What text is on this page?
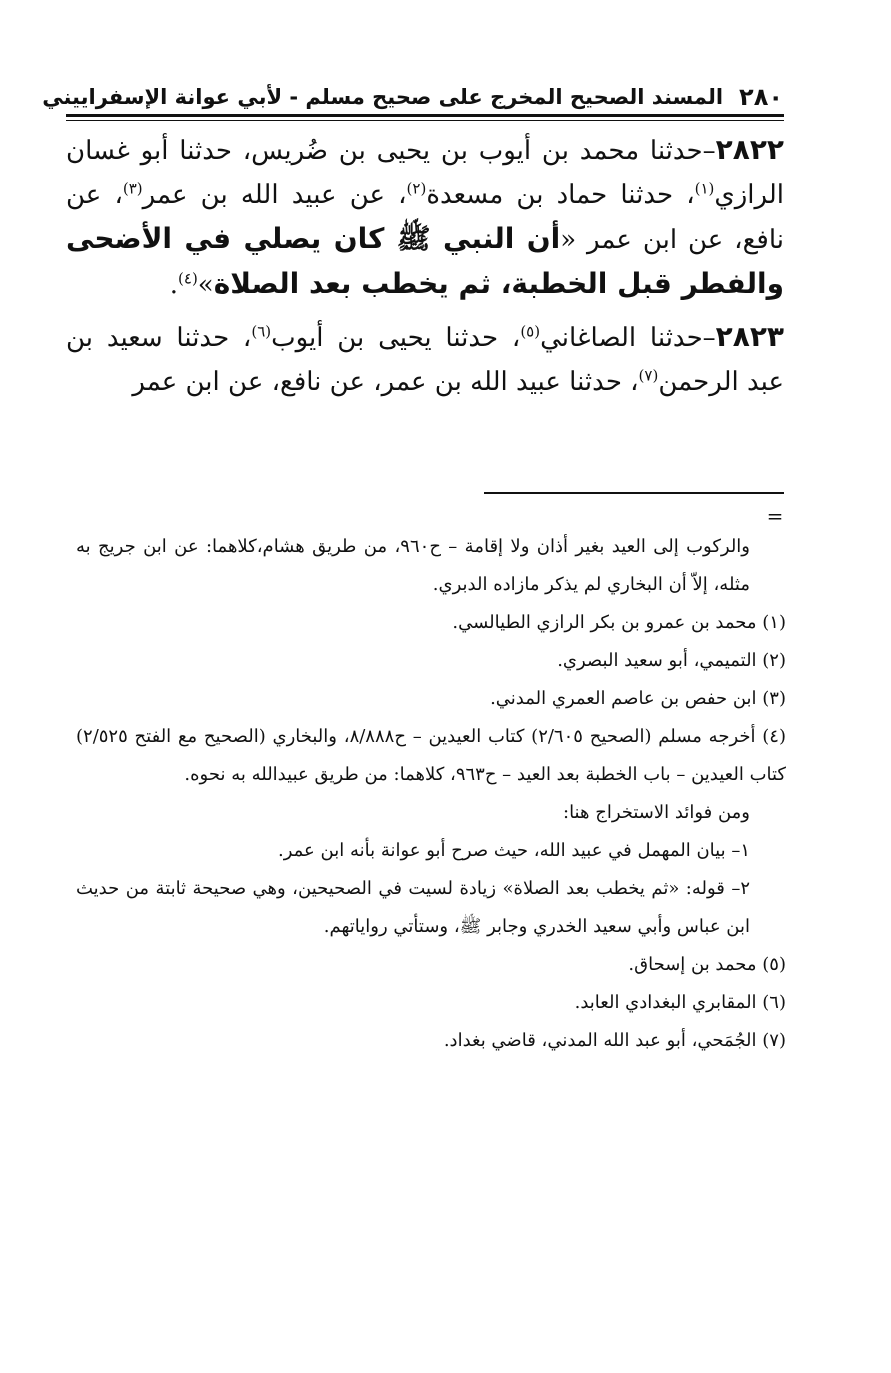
٢٨٠
المسند الصحيح المخرج على صحيح مسلم - لأبي عوانة الإسفراييني

٢٨٢٢–حدثنا محمد بن أيوب بن يحيى بن ضُريس، حدثنا أبو غسان الرازي$^{(١)}$، حدثنا حماد بن مسعدة$^{(٢)}$، عن عبيد الله بن عمر$^{(٣)}$، عن نافع، عن ابن عمر «أن النبي ﷺ كان يصلي في الأضحى والفطر قبل الخطبة، ثم يخطب بعد الصلاة»$^{(٤)}$.

٢٨٢٣–حدثنا الصاغاني$^{(٥)}$، حدثنا يحيى بن أيوب$^{(٦)}$، حدثنا سعيد بن عبد الرحمن$^{(٧)}$، حدثنا عبيد الله بن عمر، عن نافع، عن ابن عمر

=

والركوب إلى العيد بغير أذان ولا إقامة – ح٩٦٠، من طريق هشام،كلاهما: عن ابن جريج به مثله، إلاّ أن البخاري لم يذكر مازاده الدبري.

(١) محمد بن عمرو بن بكر الرازي الطيالسي.

(٢) التميمي، أبو سعيد البصري.

(٣) ابن حفص بن عاصم العمري المدني.

(٤) أخرجه مسلم (الصحيح ٢/٦٠٥) كتاب العيدين – ح٨/٨٨٨، والبخاري (الصحيح مع الفتح ٢/٥٢٥) كتاب العيدين – باب الخطبة بعد العيد – ح٩٦٣، كلاهما: من طريق عبيدالله به نحوه.

ومن فوائد الاستخراج هنا:

١– بيان المهمل في عبيد الله، حيث صرح أبو عوانة بأنه ابن عمر.

٢– قوله: «ثم يخطب بعد الصلاة» زيادة لسيت في الصحيحين، وهي صحيحة ثابتة من حديث ابن عباس وأبي سعيد الخدري وجابر ﷺ، وستأتي رواياتهم.

(٥) محمد بن إسحاق.

(٦) المقابري البغدادي العابد.

(٧) الجُمَحي، أبو عبد الله المدني، قاضي بغداد.
